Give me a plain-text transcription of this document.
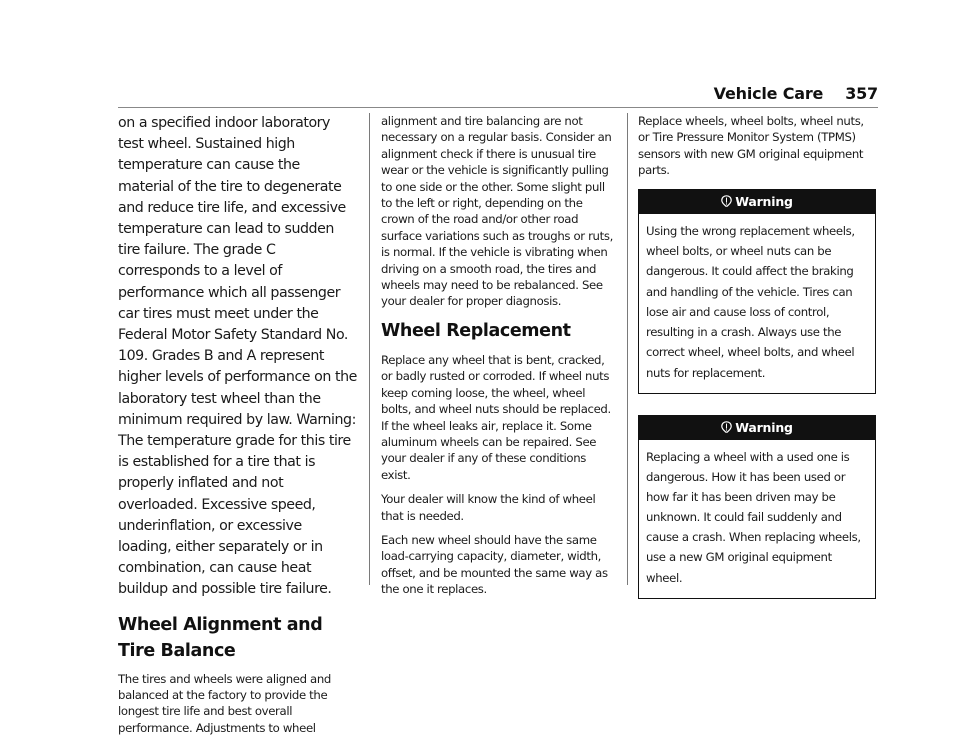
Vehicle Care 357

on a specified indoor laboratory test wheel. Sustained high temperature can cause the material of the tire to degenerate and reduce tire life, and excessive temperature can lead to sudden tire failure. The grade C corresponds to a level of performance which all passenger car tires must meet under the Federal Motor Safety Standard No. 109. Grades B and A represent higher levels of performance on the laboratory test wheel than the minimum required by law. Warning: The temperature grade for this tire is established for a tire that is properly inflated and not overloaded. Excessive speed, underinflation, or excessive loading, either separately or in combination, can cause heat buildup and possible tire failure.

Wheel Alignment and Tire Balance

The tires and wheels were aligned and balanced at the factory to provide the longest tire life and best overall performance. Adjustments to wheel

alignment and tire balancing are not necessary on a regular basis. Consider an alignment check if there is unusual tire wear or the vehicle is significantly pulling to one side or the other. Some slight pull to the left or right, depending on the crown of the road and/or other road surface variations such as troughs or ruts, is normal. If the vehicle is vibrating when driving on a smooth road, the tires and wheels may need to be rebalanced. See your dealer for proper diagnosis.

Wheel Replacement

Replace any wheel that is bent, cracked, or badly rusted or corroded. If wheel nuts keep coming loose, the wheel, wheel bolts, and wheel nuts should be replaced. If the wheel leaks air, replace it. Some aluminum wheels can be repaired. See your dealer if any of these conditions exist.

Your dealer will know the kind of wheel that is needed.

Each new wheel should have the same load-carrying capacity, diameter, width, offset, and be mounted the same way as the one it replaces.

Replace wheels, wheel bolts, wheel nuts, or Tire Pressure Monitor System (TPMS) sensors with new GM original equipment parts.

Warning
Using the wrong replacement wheels, wheel bolts, or wheel nuts can be dangerous. It could affect the braking and handling of the vehicle. Tires can lose air and cause loss of control, resulting in a crash. Always use the correct wheel, wheel bolts, and wheel nuts for replacement.
Warning
Replacing a wheel with a used one is dangerous. How it has been used or how far it has been driven may be unknown. It could fail suddenly and cause a crash. When replacing wheels, use a new GM original equipment wheel.
